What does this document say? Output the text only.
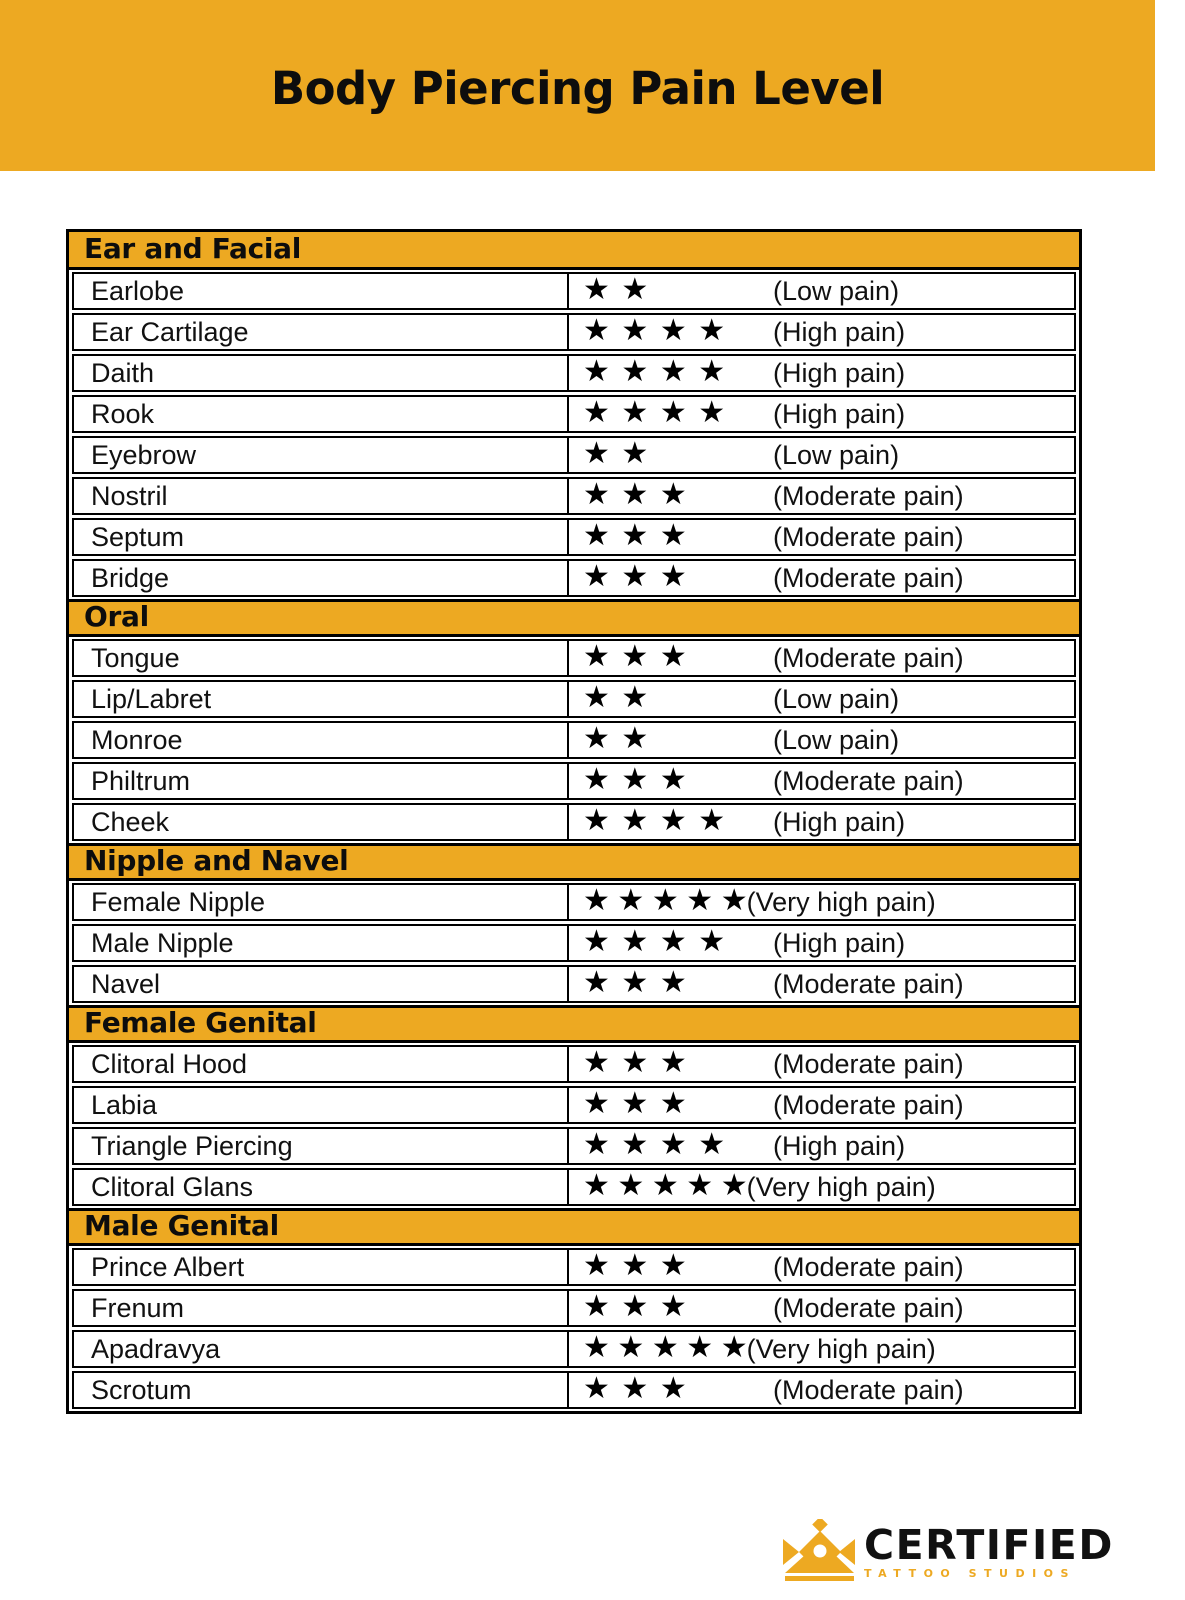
Body Piercing Pain Level
Ear and Facial
Earlobe	★ ★	(Low pain)
Ear Cartilage	★ ★ ★ ★	(High pain)
Daith	★ ★ ★ ★	(High pain)
Rook	★ ★ ★ ★	(High pain)
Eyebrow	★ ★	(Low pain)
Nostril	★ ★ ★	(Moderate pain)
Septum	★ ★ ★	(Moderate pain)
Bridge	★ ★ ★	(Moderate pain)
Oral
Tongue	★ ★ ★	(Moderate pain)
Lip/Labret	★ ★	(Low pain)
Monroe	★ ★	(Low pain)
Philtrum	★ ★ ★	(Moderate pain)
Cheek	★ ★ ★ ★	(High pain)
Nipple and Navel
Female Nipple	★ ★ ★ ★ ★ (Very high pain)
Male Nipple	★ ★ ★ ★	(High pain)
Navel	★ ★ ★	(Moderate pain)
Female Genital
Clitoral Hood	★ ★ ★	(Moderate pain)
Labia	★ ★ ★	(Moderate pain)
Triangle Piercing	★ ★ ★ ★	(High pain)
Clitoral Glans	★ ★ ★ ★ ★ (Very high pain)
Male Genital
Prince Albert	★ ★ ★	(Moderate pain)
Frenum	★ ★ ★	(Moderate pain)
Apadravya	★ ★ ★ ★ ★ (Very high pain)
Scrotum	★ ★ ★	(Moderate pain)
CERTIFIED
TATTOO STUDIOS
